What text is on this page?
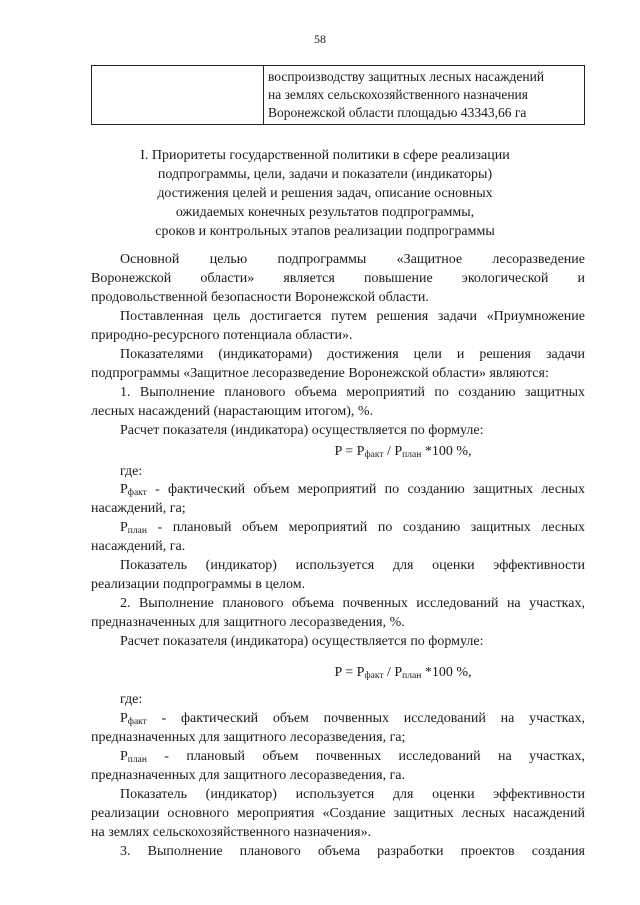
58

воспроизводству защитных лесных насаждений
на землях сельскохозяйственного назначения
Воронежской области площадью 43343,66 га
I. Приоритеты государственной политики в сфере реализации
подпрограммы, цели, задачи и показатели (индикаторы)
достижения целей и решения задач, описание основных
ожидаемых конечных результатов подпрограммы,
сроков и контрольных этапов реализации подпрограммы
Основной целью подпрограммы «Защитное лесоразведение
Воронежской области» является повышение экологической и
продовольственной безопасности Воронежской области.
Поставленная цель достигается путем решения задачи «Приумножение
природно-ресурсного потенциала области».
Показателями (индикаторами) достижения цели и решения задачи
подпрограммы «Защитное лесоразведение Воронежской области» являются:
1. Выполнение планового объема мероприятий по созданию защитных
лесных насаждений (нарастающим итогом), %.
Расчет показателя (индикатора) осуществляется по формуле:
$P = P_{факт} / P_{план}$ *100 %,
где:
$P_{факт}$ - фактический объем мероприятий по созданию защитных лесных
насаждений, га;
$P_{план}$ - плановый объем мероприятий по созданию защитных лесных
насаждений, га.
Показатель (индикатор) используется для оценки эффективности
реализации подпрограммы в целом.
2. Выполнение планового объема почвенных исследований на участках,
предназначенных для защитного лесоразведения, %.
Расчет показателя (индикатора) осуществляется по формуле:
$P = P_{факт} / P_{план}$ *100 %,
где:
$P_{факт}$ - фактический объем почвенных исследований на участках,
предназначенных для защитного лесоразведения, га;
$P_{план}$ - плановый объем почвенных исследований на участках,
предназначенных для защитного лесоразведения, га.
Показатель (индикатор) используется для оценки эффективности
реализации основного мероприятия «Создание защитных лесных насаждений
на землях сельскохозяйственного назначения».
3. Выполнение планового объема разработки проектов создания
